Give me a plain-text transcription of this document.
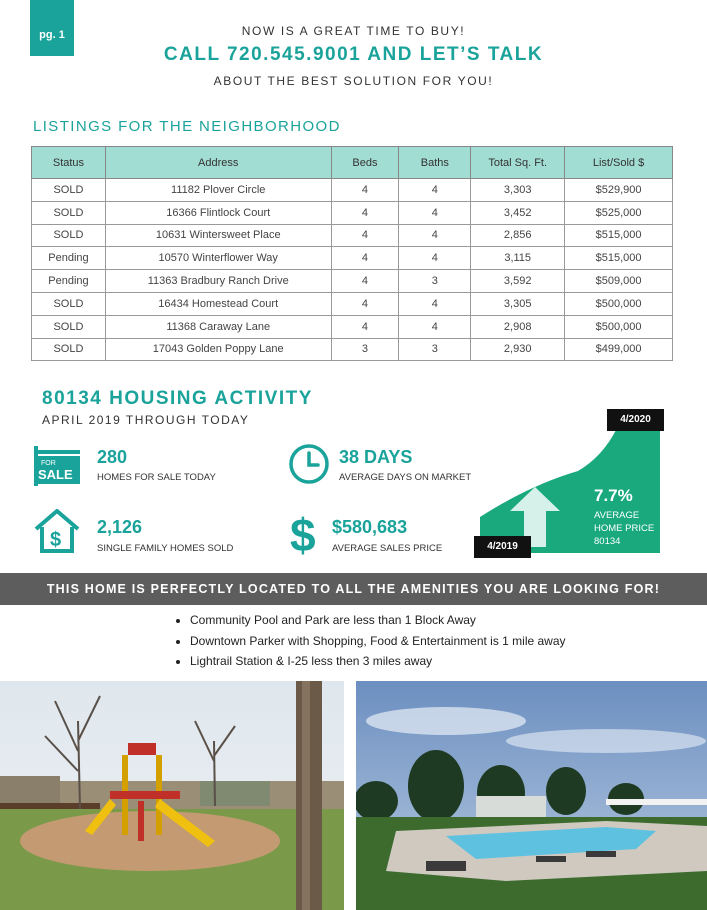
pg. 1	NOW IS A GREAT TIME TO BUY!
CALL 720.545.9001 AND LET’S TALK
ABOUT THE BEST SOLUTION FOR YOU!
LISTINGS FOR THE NEIGHBORHOOD
Status	Address	Beds	Baths	Total Sq. Ft.	List/Sold $
SOLD	11182 Plover Circle	4	4	3,303	$529,900
SOLD	16366 Flintlock Court	4	4	3,452	$525,000
SOLD	10631 Wintersweet Place	4	4	2,856	$515,000
Pending	10570 Winterflower Way	4	4	3,115	$515,000
Pending	11363 Bradbury Ranch Drive	4	3	3,592	$509,000
SOLD	16434 Homestead Court	4	4	3,305	$500,000
SOLD	11368 Caraway Lane	4	4	2,908	$500,000
SOLD	17043 Golden Poppy Lane	3	3	2,930	$499,000
80134 HOUSING ACTIVITY
APRIL 2019 THROUGH TODAY
FOR
SALE
280
HOMES FOR SALE TODAY
38 DAYS
AVERAGE DAYS ON MARKET
$
2,126
SINGLE FAMILY HOMES SOLD $ $580,683
AVERAGE SALES PRICE
4/2020
4/2019
7.7%
AVERAGE
HOME PRICE
80134
THIS HOME IS PERFECTLY LOCATED TO ALL THE AMENITIES YOU ARE LOOKING FOR!
• Community Pool and Park are less than 1 Block Away
• Downtown Parker with Shopping, Food & Entertainment is 1 mile away
• Lightrail Station & I-25 less then 3 miles away
